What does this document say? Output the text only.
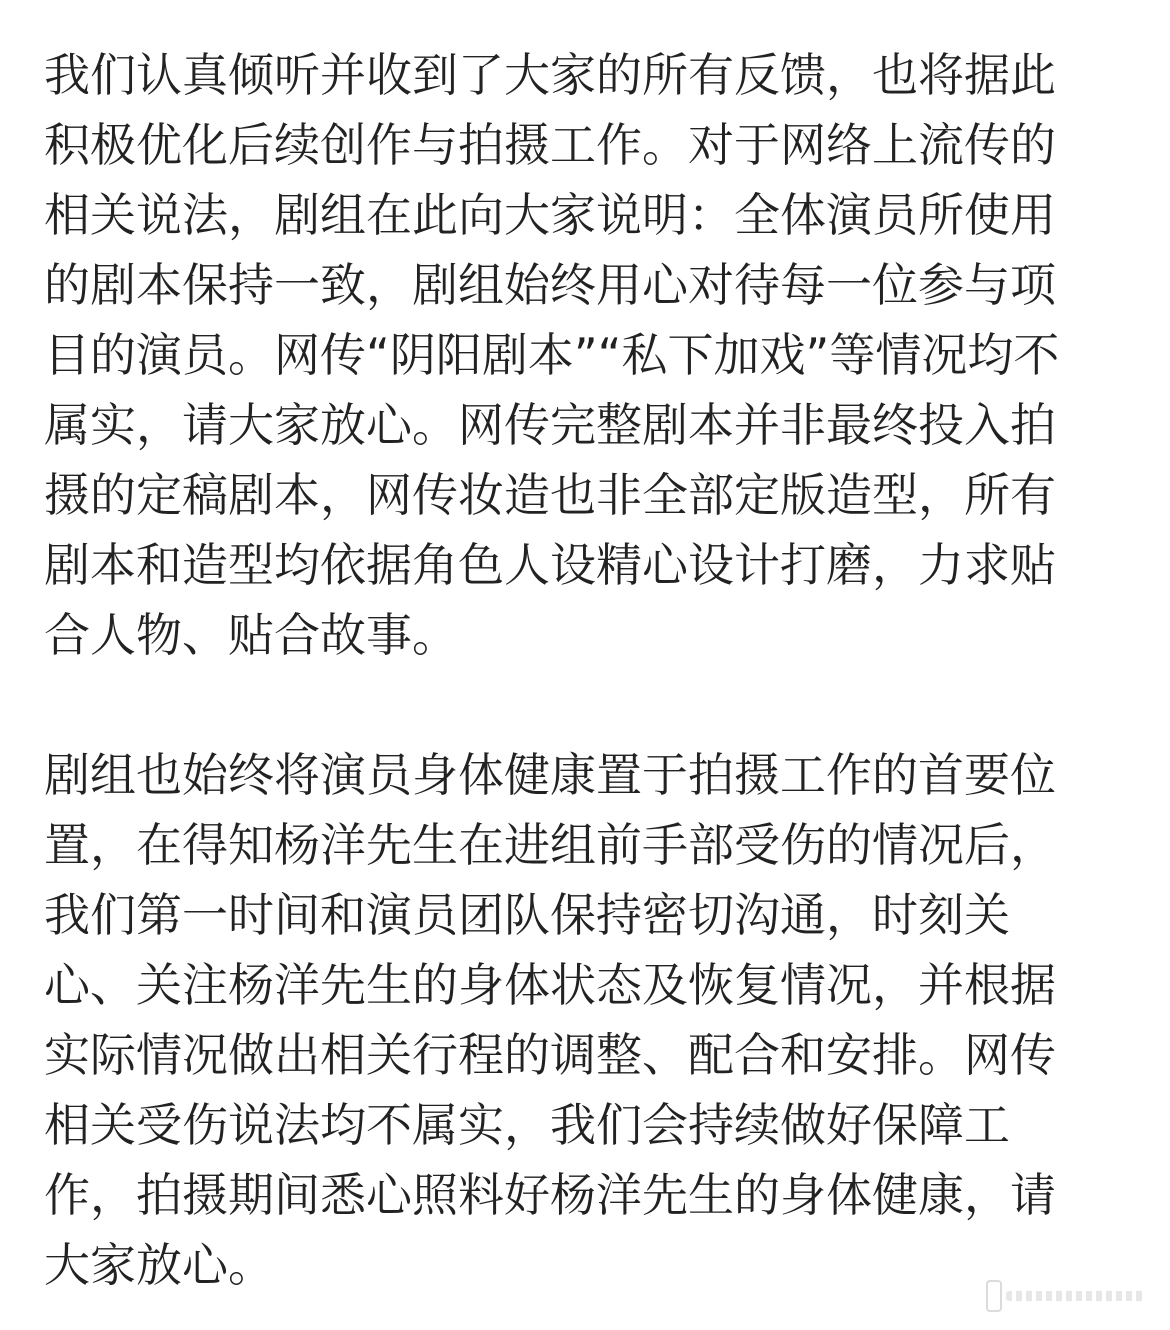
我们认真倾听并收到了大家的所有反馈，也将据此
积极优化后续创作与拍摄工作。对于网络上流传的
相关说法，剧组在此向大家说明：全体演员所使用
的剧本保持一致，剧组始终用心对待每一位参与项
目的演员。网传“阴阳剧本”“私下加戏”等情况均不
属实，请大家放心。网传完整剧本并非最终投入拍
摄的定稿剧本，网传妆造也非全部定版造型，所有
剧本和造型均依据角色人设精心设计打磨，力求贴
合人物、贴合故事。
剧组也始终将演员身体健康置于拍摄工作的首要位
置，在得知杨洋先生在进组前手部受伤的情况后，
我们第一时间和演员团队保持密切沟通，时刻关
心、关注杨洋先生的身体状态及恢复情况，并根据
实际情况做出相关行程的调整、配合和安排。网传
相关受伤说法均不属实，我们会持续做好保障工
作，拍摄期间悉心照料好杨洋先生的身体健康，请
大家放心。
